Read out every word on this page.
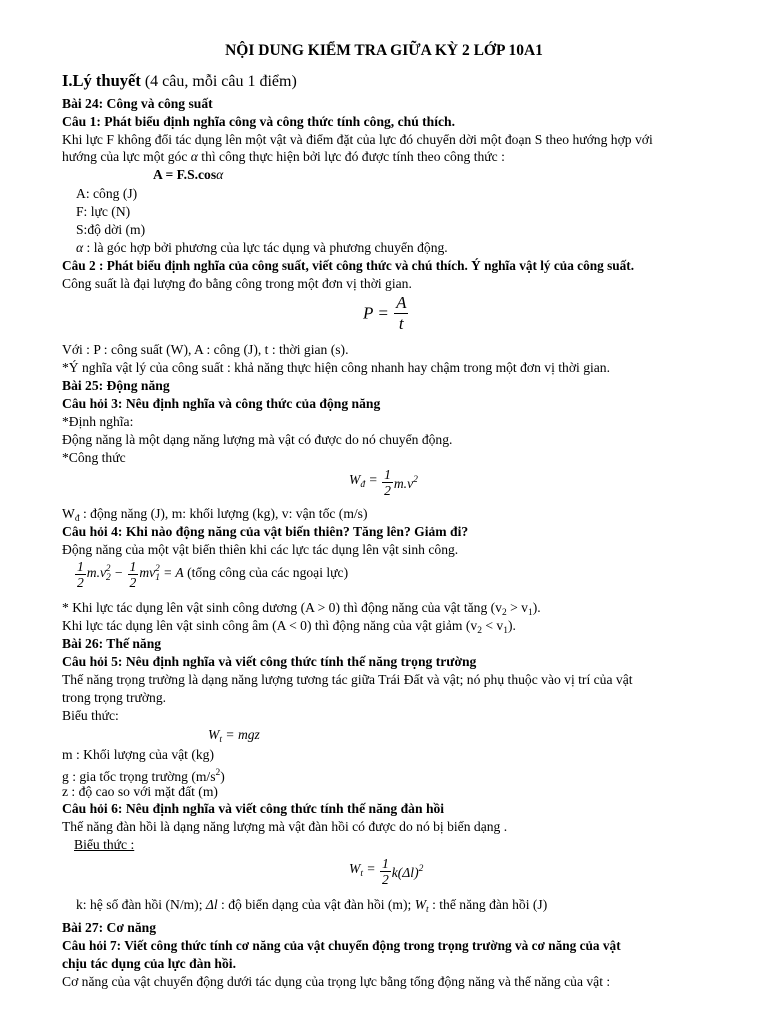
NỘI DUNG KIỂM TRA GIỮA KỲ 2 LỚP 10A1
I.Lý thuyết (4 câu, mỗi câu 1 điểm)
Bài 24: Công và công suất
Câu 1: Phát biểu định nghĩa công và công thức tính công, chú thích.
Khi lực F không đổi tác dụng lên một vật và điểm đặt của lực đó chuyển dời một đoạn S theo hướng hợp với
hướng của lực một góc α thì công thực hiện bởi lực đó được tính theo công thức :
A = F.S.cosα
A: công (J)
F: lực (N)
S:độ dời (m)
α : là góc hợp bởi phương của lực tác dụng và phương chuyển động.
Câu 2 : Phát biểu định nghĩa của công suất, viết công thức và chú thích. Ý nghĩa vật lý của công suất.
Công suất là đại lượng đo bằng công trong một đơn vị thời gian.
$P = \frac{A}{t}$
Với : P : công suất (W), A : công (J), t : thời gian (s).
*Ý nghĩa vật lý của công suất : khả năng thực hiện công nhanh hay chậm trong một đơn vị thời gian.
Bài 25: Động năng
Câu hỏi 3: Nêu định nghĩa và công thức của động năng
*Định nghĩa:
Động năng là một dạng năng lượng mà vật có được do nó chuyển động.
*Công thức
$W_đ = \frac{1}{2} m.v^2$
$W_đ$ : động năng (J), m: khối lượng (kg), v: vận tốc (m/s)
Câu hỏi 4: Khi nào động năng của vật biến thiên? Tăng lên? Giảm đi?
Động năng của một vật biến thiên khi các lực tác dụng lên vật sinh công.
$\frac{1}{2} m.v_2^2 - \frac{1}{2} mv_1^2 = A$ (tổng công của các ngoại lực)
* Khi lực tác dụng lên vật sinh công dương (A > 0) thì động năng của vật tăng $(v_2 > v_1)$.
Khi lực tác dụng lên vật sinh công âm (A < 0) thì động năng của vật giảm $(v_2 < v_1)$.
Bài 26: Thế năng
Câu hỏi 5: Nêu định nghĩa và viết công thức tính thế năng trọng trường
Thế năng trọng trường là dạng năng lượng tương tác giữa Trái Đất và vật; nó phụ thuộc vào vị trí của vật
trong trọng trường.
Biểu thức:
$W_t$ = mgz
m : Khối lượng của vật (kg)
g : gia tốc trọng trường $(m/s^2)$
z : độ cao so với mặt đất (m)
Câu hỏi 6: Nêu định nghĩa và viết công thức tính thế năng đàn hồi
Thế năng đàn hồi là dạng năng lượng mà vật đàn hồi có được do nó bị biến dạng .
Biểu thức :
$W_t = \frac{1}{2} k(\Delta l)^2$
k: hệ số đàn hồi (N/m); Δl : độ biến dạng của vật đàn hồi (m); $W_t$ : thế năng đàn hồi (J)
Bài 27: Cơ năng
Câu hỏi 7: Viết công thức tính cơ năng của vật chuyển động trong trọng trường và cơ năng của vật
chịu tác dụng của lực đàn hồi.
Cơ năng của vật chuyển động dưới tác dụng của trọng lực bằng tổng động năng và thế năng của vật :
